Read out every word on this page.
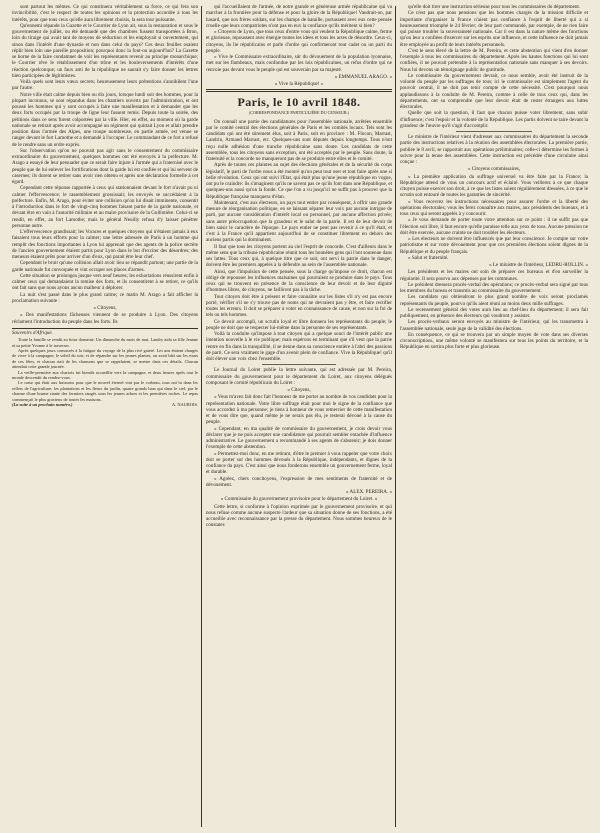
sont partout les mêmes. Ce qui constituera véritablement sa force, ce qui fera son invincibilité, c'est le respect de toutes les opinions et la protection accordée à tous les intérêts, pour que tous ceux qu'elle aura librement choisis, la sera tour puissante.

Qu'ennemi répande la Gazette et le Courrier de Lyon ait, sous la restauration et sous le gouvernement de juillet, ou été demandé que des chambres fussent transportées à Bron, loin du tiraige qui avait tant de moyens de séduction et les employait si ouvertement, qui sinon dans l'intérêt d'une dynastie et non dans celui du pays? Ces deux feuilles osaient réplir bien loin une pareille proposition; pourquoi donc la font-ou aujourd'hui? La Gazette se borne de la faire condamner de voir les représentants revenir au principe monarchique; le Courrier rêve le rétablissement d'un trône et les bouleversements d'intérêts d'une réaction quelconque; un faux ami de la république ne saurait s'y faire donner les lettres bien participées de légitimistes.

Voilà quels sont leurs vœux secrets; heureusement leurs prétentions s'annihilent l'une par l'autre.

Notre ville était calme depuis bien ou dix jours, lorsque lundi soir des hommes, pour la plupart inconnus, se sont répandus dans les chantiers ouverts par l'administration, et ont poussé les hommes qui y sont occupés à faire une manifestation et à demander que les deux forts occupés par la troupe de ligne leur fussent remis. Depuis toute la soirée, des pétitions dans ce sens furent colportées par la ville. Hier, en effet, au moment où la garde nationale se retirait après avoir accompagné un régiment qui quittait Lyon et allait prendre position dans l'armée des Alpes, une troupe nombreuse, en partie armée, est venue se ranger devant le fort Lamothe et a demandé à l'occuper. Le commandant de ce fort a refusé de le rendre sans un ordre exprès.

Sur l'observation qu'on ne pouvait pas agir sans le consentement du commissaire extraordinaire du gouvernement, quelques hommes ont été envoyés à la préfecture. M. Arago a essayé de leur persuader que ce serait faire injure à l'armée qui a fraternisé avec le peuple que de lui enlever les fortifications dont la garde lui est confiée et qui lui servent de casernes; ils durent se retirer sans avoir rien obtenu et après une déclaration formelle à cet égard.

Cependant cette réponse rapportée à ceux qui stationnaient devant le fort n'avait pu ni calmer l'effervescence; le rassemblement grossissait; les envoyés se succédaient à la préfecture. Enfin, M. Arago, pour éviter une collision qu'on lui disait imminente, consentit à l'introduction dans le fort de vingt-cinq hommes faisant partie de la garde nationale, et devant être en vain à l'autorité militaire et au maire provisoire de la Guillotière. Celui-ci se rendit, en effet, au fort Lamothe; mais le général Neuilly refusa d'y laisser pénétrer personne autre.

L'effervescence grandissait; les Voraces et quelques citoyens qui n'étaient jamais à eux faisaient tous leurs efforts pour la calmer; une lettre adressée de Paris à un homme qui remplit des fonctions importantes à Lyon lui apprenait que des agents de la police secrète de l'ancien gouvernement étaient partis pour Lyon dans le but d'exciter des désordres; des meneurs étaient prêts pour arriver d'un d'eux, qui parait être leur chef.

Cependant le bruit qu'une collision allait avoir lieu se répandit partout; une partie de la garde nationale fut convoquée et vint occuper ses places d'armes.

Cette situation se prolongea jusque vers neuf heures; les exhortations réussirent enfin à calmer ceux qui demandaient la remise des forts, et ils consentirent à se retirer, ce qu'ils ont fait sans que nous ayons aucun malheur à déplorer.

La nuit s'est passé dans le plus grand calme; ce matin M. Arago a fait afficher la proclamation suivante :

« Citoyens,

« Des manifestations fâcheuses viennent de se produire à Lyon. Des citoyens réclament l'introduction du peuple dans les forts. Ils

Souvenirs d'Afrique.

Toute la famille se rendit au futur domaine. Un dimanche du mois de mai, Landry aida sa fille Jeanne et sa petite Yvonne à le traverser.

Après quelques jours consacrés à la fatigue du voyage de la plus rivé gaieté. Les uns étaient chargés de vivre à la campagne, le soleil du soir, et de répandre sur les jeunes plantes, on avait bâti sur les murs de ces fêtes, et chacun riait de les chansons que se rappelaient, se mettre dans ces détails. Chacun attendait cette grande journée.

La veille-première aux chariots fut bientôt accueillie vers la campagne, et deux heures après tout le monde descendit du rendez-vous.

Le cœur qui était aux buissons pour que le nouvel éternel vint par le corbeau, tous ont lu dans les reflets de l'agriculture; les plantations et les fleurs du jardin, quatre grands bras qui dans le ciel, par le charme d'une brume riante des fermiers rangés sous les jeunes arbres et les premières roches. Le repas commençait le plus gracieux de toutes les maisons.

(La suite à un prochain numéro.)	A. NAUROIS.

qui l'accueillaient de l'armée, de notre grande et généreuse armée républicaine qui va marcher à la frontière pour la défense et pour la gloire de la République! Vaudrait-on, par hasard, que nos frères soldats, sur les champs de bataille, portassent avec eux cette pensée cruelle que leurs compatriotes n'ont pas en eux la confiance qu'ils méritent si bien?

« Citoyens de Lyon, que tous ceux d'entre vous qui veulent la République calme, ferme et glorieuse, repoussent avec énergie toutes les idées et tous les actes de désordre. Ceux-ci, citoyens, ils lie républicains et parle d'ordre qui confirmeront tout cadet ou un parti du peuple.

« Vive le Commissaire extraordinaire, sûr du dévouement de la population lyonnaise, met sur les flambeaux, mais confondue par les lois républicaines, un refus d'ordre qui ne renvoie pas devant vous le peuple qui est souverain par sa majesté.

« EMMANUEL ARAGO. »
« Vive la République! »
Paris, le 10 avril 1848.
(CORRESPONDANCE PARTICULIÈRE DU CENSEUR.)

On connaît une partie des candidatures pour l'assemblée nationale, arrêtées ensemble par le comité central des élections générales de Paris et les comités locaux. Tels sont les candidats qui ont été sûrement élus, soit à Paris, soit en province : M. Flocon, Marrast, Landrin, Armand Marrast, etc. Quelques-uns sont députés depuis longtemps. Tous n'ont reçu nulle adhésion d'une tranche républicaine sans doute. Les candidats de cette assemblée, tous les citoyens sans exception, ont été acceptés par le peuple. Sans doute, la fraternité et la concorde ne manqueront pas de se produire entre elles et le comité.

Après de toutes ces plaintes au sujet des élections générales et de la sécurité du corps législatif, le parti de l'ordre nous a été montré qu'on peut tout oser et tout faire après une si belle révolution. Ceux qui ont suivi l'Etat, qui était plus qu'une jeune république en vogue, ont pu le craindre: ils s'imaginent qu'ils ne savent pas ce qu'ils font dans une République, et quelques-uns aussi qu'on la fonde. Ce que l'on a vu jusqu'ici ne suffit pas à prouver que la République française manquera d'élan.

Maintenant, c'est aux électeurs, un pays tout entier par conséquent, à offrir une grande mesure de réorganisation politique, en se laissant séparer leur voix par aucune intrigue de parti, par aucune considération d'intérêt local ou personnel, par aucune affection privée; sans autre préoccupation que la grandeur et le salut de la patrie. Il est de leur devoir de bien saisir le caractère de l'époque. Le pays entier ne peut pas revenir à ce qu'il était, et c'est à la France qu'il appartient aujourd'hui de se constituer librement en dehors des anciens partis qui la dominaient.

Il faut que tous les citoyens portent au ciel l'esprit de concorde. C'est d'ailleurs dans le même sens que la tribune républicaine réunit tous les honnêtes gens qui l'ont soutenue dans ses luttes. Tous ceux qui, à quelque titre que ce soit, ont servi la patrie dans le danger, doivent être les premiers appelés à la défendre au sein de l'assemblée nationale.

Ainsi, que l'impulsion de cette pensée, sous la charge qu'impose ce droit, chacun est obligé de repousser les influences malsaines qui pourraient se produire dans le pays. Tous ceux qui se trouvent en présence de la conscience de leur devoir et de leur dignité d'hommes libres, de citoyens, ne failliront pas à la tâche.

Tout citoyen doit être à présent et faire connaître sur les listes s'il n'y est pas encore porté, vérifier s'il ne s'y trouve pas de noms qui ne devraient pas y être, et faire rectifier toutes les erreurs. Il doit se préparer à voter en connaissance de cause, et non sur la foi de tels ou tels hommes.

Ce devoir accompli, un scrutin loyal et libre donnera les représentants du peuple; le peuple ne doit que se respecter lui-même dans la personne de ses représentants.

Voilà la conduite qu'impose à tout citoyen qui a quelque souci de l'intérêt public une intention nouvelle à le vie publique; mais espérons en terminant que s'il veut que la patrie rentre en fin dans la tranquillité, il se tienne dans sa conscience entière à l'abri des passions de parti. Ce sera vraiment le gage d'un avenir plein de confiance. Vive la République! qu'il doit élever une voix chez l'ensemble.

Le Journal du Loiret publie la lettre suivante, qui est adressée par M. Pereira, commissaire du gouvernement pour le département du Loiret, aux citoyens délégués composant le comité républicain du Loiret :

« Citoyens,

« Vous m'avez fait donc fait l'honneur de me porter au nombre de vos candidats pour la représentation nationale. Votre libre suffrage était pour moi le signe de la confiance que vous accordez à ma personne; je tiens à honneur de vous remercier de cette manifestation et de vous dire que, quand même je ne serais pas élu, je resterai dévoué à la cause du peuple.

« Cependant, en ma qualité de commissaire du gouvernement, je crois devoir vous déclarer que je ne puis accepter une candidature qui pourrait sembler entachée d'influence administrative. Le gouvernement a recommandé à ses agents de s'abstenir; je dois donner l'exemple de cette abstention.

« Permettez-moi donc, en me retirant, d'être le premier à vous rappeler que votre choix doit se porter sur des hommes dévoués à la République, indépendants, et dignes de la confiance du pays. C'est ainsi que nous fonderons ensemble un gouvernement ferme, loyal et durable.

« Agréez, chers concitoyens, l'expression de mes sentiments de fraternité et de dévouement.

« ALEX. PEREIRA. »
« Commissaire du gouvernement provisoire pour le département du Loiret. »

Cette lettre, si conforme à l'opinion exprimée par le gouvernement provisoire, et qui nous refuse comme aucune suspecte l'ardeur que sa situation donne de ses fonctions, a été accueillie avec reconnaissance par la presse du département. Nous sommes heureux de le constater.

qu'elle doit tirer une instruction sérieuse pour tous les commissaires du département.

Ce n'est pas que nous pensions que les hommes chargés de la mission difficile et importante d'organiser la France n'aient pas confiance à l'esprit de liberté qui a si heureusement triomphé le 24 février; de leur part commandé, par exemple, de ne rien faire qui puisse troubler la souveraineté nationale. Car il est dans la nature même des fonctions qu'on leur a confiées d'exercer sur les esprits une influence, et cette influence ne doit jamais être employée au profit de leurs intérêts personnels.

C'est le sens élevé de la lettre de M. Pereira, et cette abstention qui vient d'en donner l'exemple à tous les commissaires du département. Après les hautes fonctions qui lui sont confiées, il ne pouvait prétendre à la représentation nationale sans manquer à ses devoirs. Nous lui devons un témoignage public de gratitude.

Le commissaire du gouvernement devrait, ce nous semble, avoir été instruit de la volonté du peuple par les suffrages de tous; ici le commissaire est simplement l'agent du pouvoir central, il ne doit pas tenir compte de cette nécessité. C'est pourquoi nous applaudissons à la conduite de M. Pereira, comme à celle de tous ceux qui, dans les départements, ont su comprendre que leur devoir était de rester étrangers aux luttes électorales.

Quelle que soit la question, il faut que chacun puisse voter librement, sans subir d'influence; c'est l'espoir et la volonté de la République. Les partis doivent se taire devant la grandeur de l'œuvre qu'il s'agit d'accomplir.

Le ministre de l'intérieur vient d'adresser aux commissaires du département la seconde partie des instructions relatives à la réunion des assemblées électorales. La première partie, publiée le 8 avril, se rapportait aux opérations préliminaires; celle-ci détermine les formes à suivre pour la tenue des assemblées. Cette instruction est précédée d'une circulaire ainsi conçue :

« Citoyens commissaires,

« La première application du suffrage universel va être faite par la France; la République attend de vous un concours actif et éclairé. Vous veillerez à ce que chaque citoyen puisse exercer son droit, à ce que les listes soient régulièrement dressées, à ce que le scrutin soit entouré de toutes les garanties de sincérité.

« Vous recevrez les instructions nécessaires pour assurer l'ordre et la liberté des opérations électorales; vous les ferez connaître aux maires, aux présidents des bureaux, et à tous ceux qui seront appelés à y concourir.

« Je vous demande de porter toute votre attention sur ce point : il ne suffit pas que l'élection soit libre, il faut encore qu'elle paraisse telle aux yeux de tous. Aucune pression ne doit être exercée, aucune crainte ne doit troubler les électeurs.

« Les électeurs ne doivent être influencés que par leur conscience. Je compte sur votre patriotisme et sur votre dévouement pour que ces premières élections soient dignes de la République et du peuple français.

« Salut et fraternité.

« Le ministre de l'intérieur, LEDRU-ROLLIN. »

Les présidents et les maires ont soin de préparer ces bureaux et d'en surveiller la régularité. Il sera pourvu aux dépenses par les communes.

Le président dressera procès-verbal des opérations; ce procès-verbal sera signé par tous les membres du bureau et transmis au commissaire du gouvernement.

Les candidats qui obtiendront le plus grand nombre de voix seront proclamés représentants du peuple, pourvu qu'ils aient réuni au moins deux mille suffrages.

Le recensement général des votes aura lieu au chef-lieu du département; il sera fait publiquement, en présence des électeurs qui voudront y assister.

Les procès-verbaux seront envoyés au ministre de l'intérieur, qui les transmettra à l'assemblée nationale, seule juge de la validité des élections.

En conséquence, ce qui se trouvera par un simple moyen de vote dans ses diverses circonscriptions, une même volonté se manifestera sur tous les points du territoire, et la République en sortira plus forte et plus glorieuse.
